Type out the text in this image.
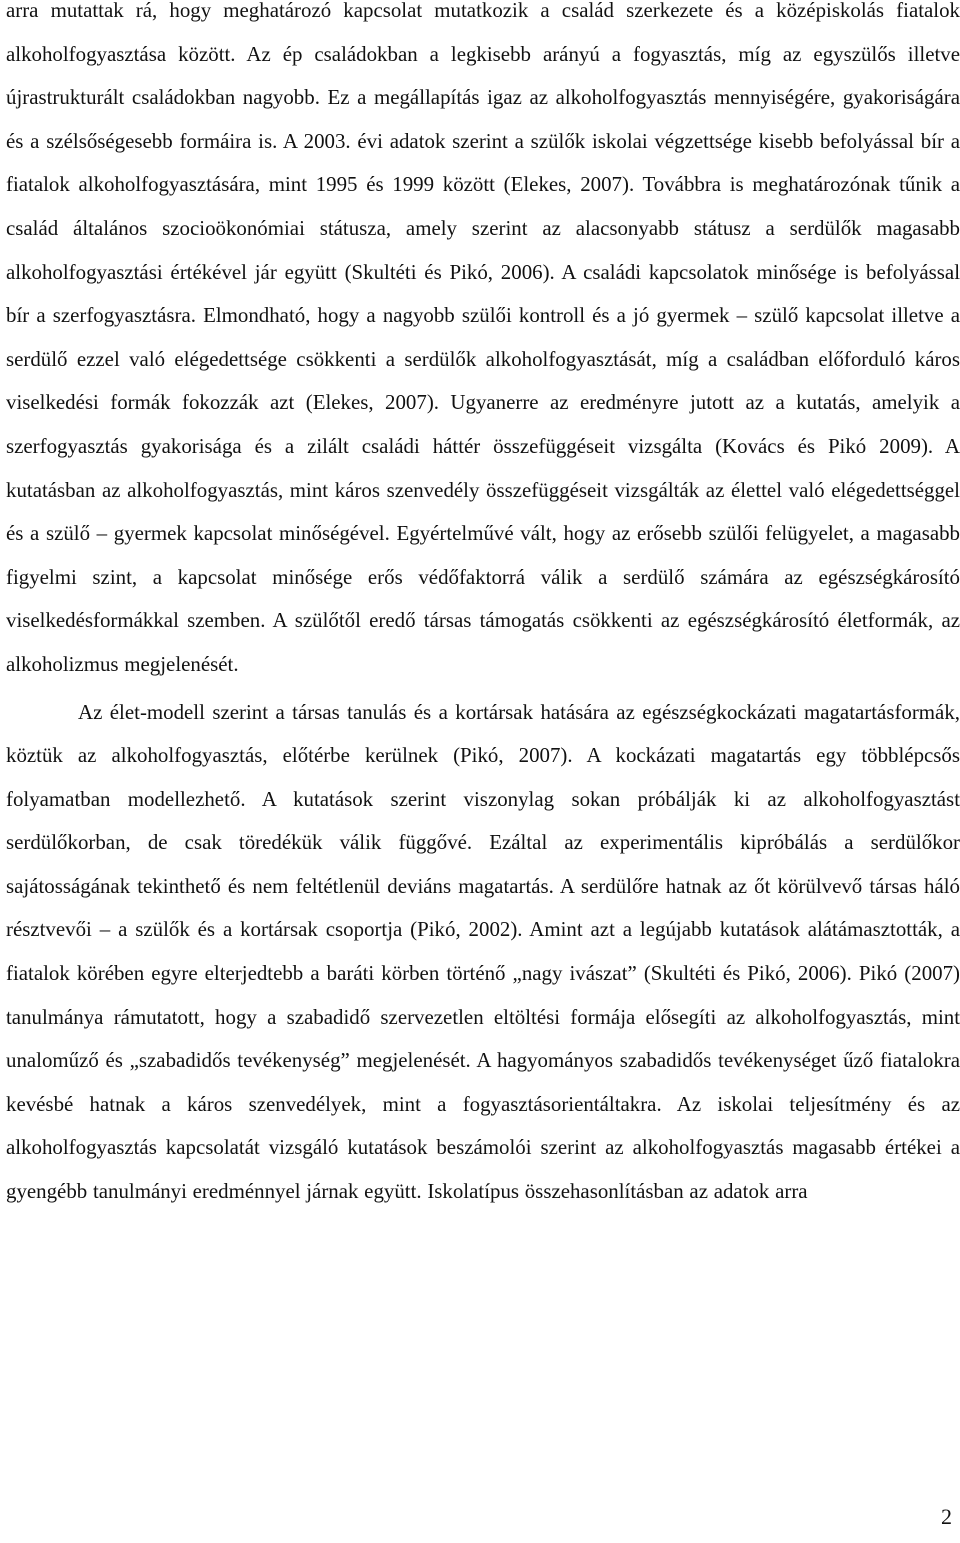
arra mutattak rá, hogy meghatározó kapcsolat mutatkozik a család szerkezete és a középiskolás fiatalok alkoholfogyasztása között. Az ép családokban a legkisebb arányú a fogyasztás, míg az egyszülős illetve újrastrukturált családokban nagyobb. Ez a megállapítás igaz az alkoholfogyasztás mennyiségére, gyakoriságára és a szélsőségesebb formáira is. A 2003. évi adatok szerint a szülők iskolai végzettsége kisebb befolyással bír a fiatalok alkoholfogyasztására, mint 1995 és 1999 között (Elekes, 2007). Továbbra is meghatározónak tűnik a család általános szocioökonómiai státusza, amely szerint az alacsonyabb státusz a serdülők magasabb alkoholfogyasztási értékével jár együtt (Skultéti és Pikó, 2006). A családi kapcsolatok minősége is befolyással bír a szerfogyasztásra. Elmondható, hogy a nagyobb szülői kontroll és a jó gyermek – szülő kapcsolat illetve a serdülő ezzel való elégedettsége csökkenti a serdülők alkoholfogyasztását, míg a családban előforduló káros viselkedési formák fokozzák azt (Elekes, 2007). Ugyanerre az eredményre jutott az a kutatás, amelyik a szerfogyasztás gyakorisága és a zilált családi háttér összefüggéseit vizsgálta (Kovács és Pikó 2009). A kutatásban az alkoholfogyasztás, mint káros szenvedély összefüggéseit vizsgálták az élettel való elégedettséggel és a szülő – gyermek kapcsolat minőségével. Egyértelművé vált, hogy az erősebb szülői felügyelet, a magasabb figyelmi szint, a kapcsolat minősége erős védőfaktorrá válik a serdülő számára az egészségkárosító viselkedésformákkal szemben. A szülőtől eredő társas támogatás csökkenti az egészségkárosító életformák, az alkoholizmus megjelenését.

Az élet-modell szerint a társas tanulás és a kortársak hatására az egészségkockázati magatartásformák, köztük az alkoholfogyasztás, előtérbe kerülnek (Pikó, 2007). A kockázati magatartás egy többlépcsős folyamatban modellezhető. A kutatások szerint viszonylag sokan próbálják ki az alkoholfogyasztást serdülőkorban, de csak töredékük válik függővé. Ezáltal az experimentális kipróbálás a serdülőkor sajátosságának tekinthető és nem feltétlenül deviáns magatartás. A serdülőre hatnak az őt körülvevő társas háló résztvevői – a szülők és a kortársak csoportja (Pikó, 2002). Amint azt a legújabb kutatások alátámasztották, a fiatalok körében egyre elterjedtebb a baráti körben történő „nagy ivászat” (Skultéti és Pikó, 2006). Pikó (2007) tanulmánya rámutatott, hogy a szabadidő szervezetlen eltöltési formája elősegíti az alkoholfogyasztás, mint unaloműző és „szabadidős tevékenység” megjelenését. A hagyományos szabadidős tevékenységet űző fiatalokra kevésbé hatnak a káros szenvedélyek, mint a fogyasztásorientáltakra. Az iskolai teljesítmény és az alkoholfogyasztás kapcsolatát vizsgáló kutatások beszámolói szerint az alkoholfogyasztás magasabb értékei a gyengébb tanulmányi eredménnyel járnak együtt. Iskolatípus összehasonlításban az adatok arra

2
